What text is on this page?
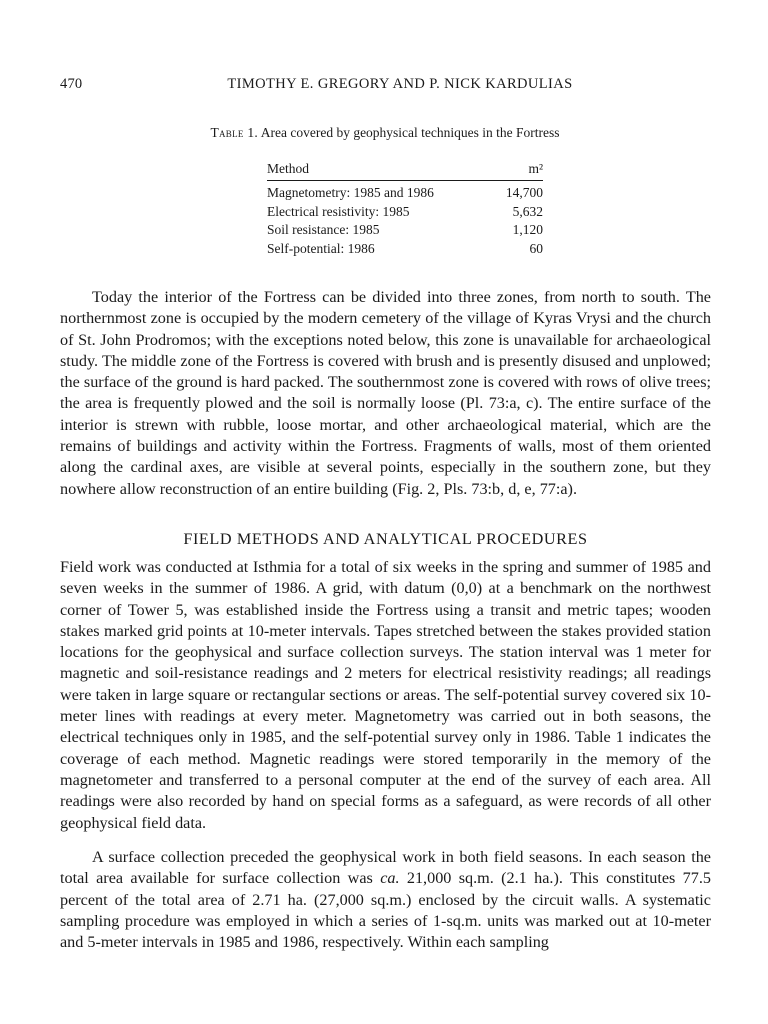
470	TIMOTHY E. GREGORY AND P. NICK KARDULIAS
Table 1. Area covered by geophysical techniques in the Fortress
Method	m²
Magnetometry: 1985 and 1986	14,700
Electrical resistivity: 1985	5,632
Soil resistance: 1985	1,120
Self-potential: 1986	60

Today the interior of the Fortress can be divided into three zones, from north to south. The northernmost zone is occupied by the modern cemetery of the village of Kyras Vrysi and the church of St. John Prodromos; with the exceptions noted below, this zone is unavailable for archaeological study. The middle zone of the Fortress is covered with brush and is presently disused and unplowed; the surface of the ground is hard packed. The southernmost zone is covered with rows of olive trees; the area is frequently plowed and the soil is normally loose (Pl. 73:a, c). The entire surface of the interior is strewn with rubble, loose mortar, and other archaeological material, which are the remains of buildings and activity within the Fortress. Fragments of walls, most of them oriented along the cardinal axes, are visible at several points, especially in the southern zone, but they nowhere allow reconstruction of an entire building (Fig. 2, Pls. 73:b, d, e, 77:a).

FIELD METHODS AND ANALYTICAL PROCEDURES

Field work was conducted at Isthmia for a total of six weeks in the spring and summer of 1985 and seven weeks in the summer of 1986. A grid, with datum (0,0) at a benchmark on the northwest corner of Tower 5, was established inside the Fortress using a transit and metric tapes; wooden stakes marked grid points at 10-meter intervals. Tapes stretched between the stakes provided station locations for the geophysical and surface collection surveys. The station interval was 1 meter for magnetic and soil-resistance readings and 2 meters for electrical resistivity readings; all readings were taken in large square or rectangular sections or areas. The self-potential survey covered six 10-meter lines with readings at every meter. Magnetometry was carried out in both seasons, the electrical techniques only in 1985, and the self-potential survey only in 1986. Table 1 indicates the coverage of each method. Magnetic readings were stored temporarily in the memory of the magnetometer and transferred to a personal computer at the end of the survey of each area. All readings were also recorded by hand on special forms as a safeguard, as were records of all other geophysical field data.

A surface collection preceded the geophysical work in both field seasons. In each season the total area available for surface collection was ca. 21,000 sq.m. (2.1 ha.). This constitutes 77.5 percent of the total area of 2.71 ha. (27,000 sq.m.) enclosed by the circuit walls. A systematic sampling procedure was employed in which a series of 1-sq.m. units was marked out at 10-meter and 5-meter intervals in 1985 and 1986, respectively. Within each sampling
